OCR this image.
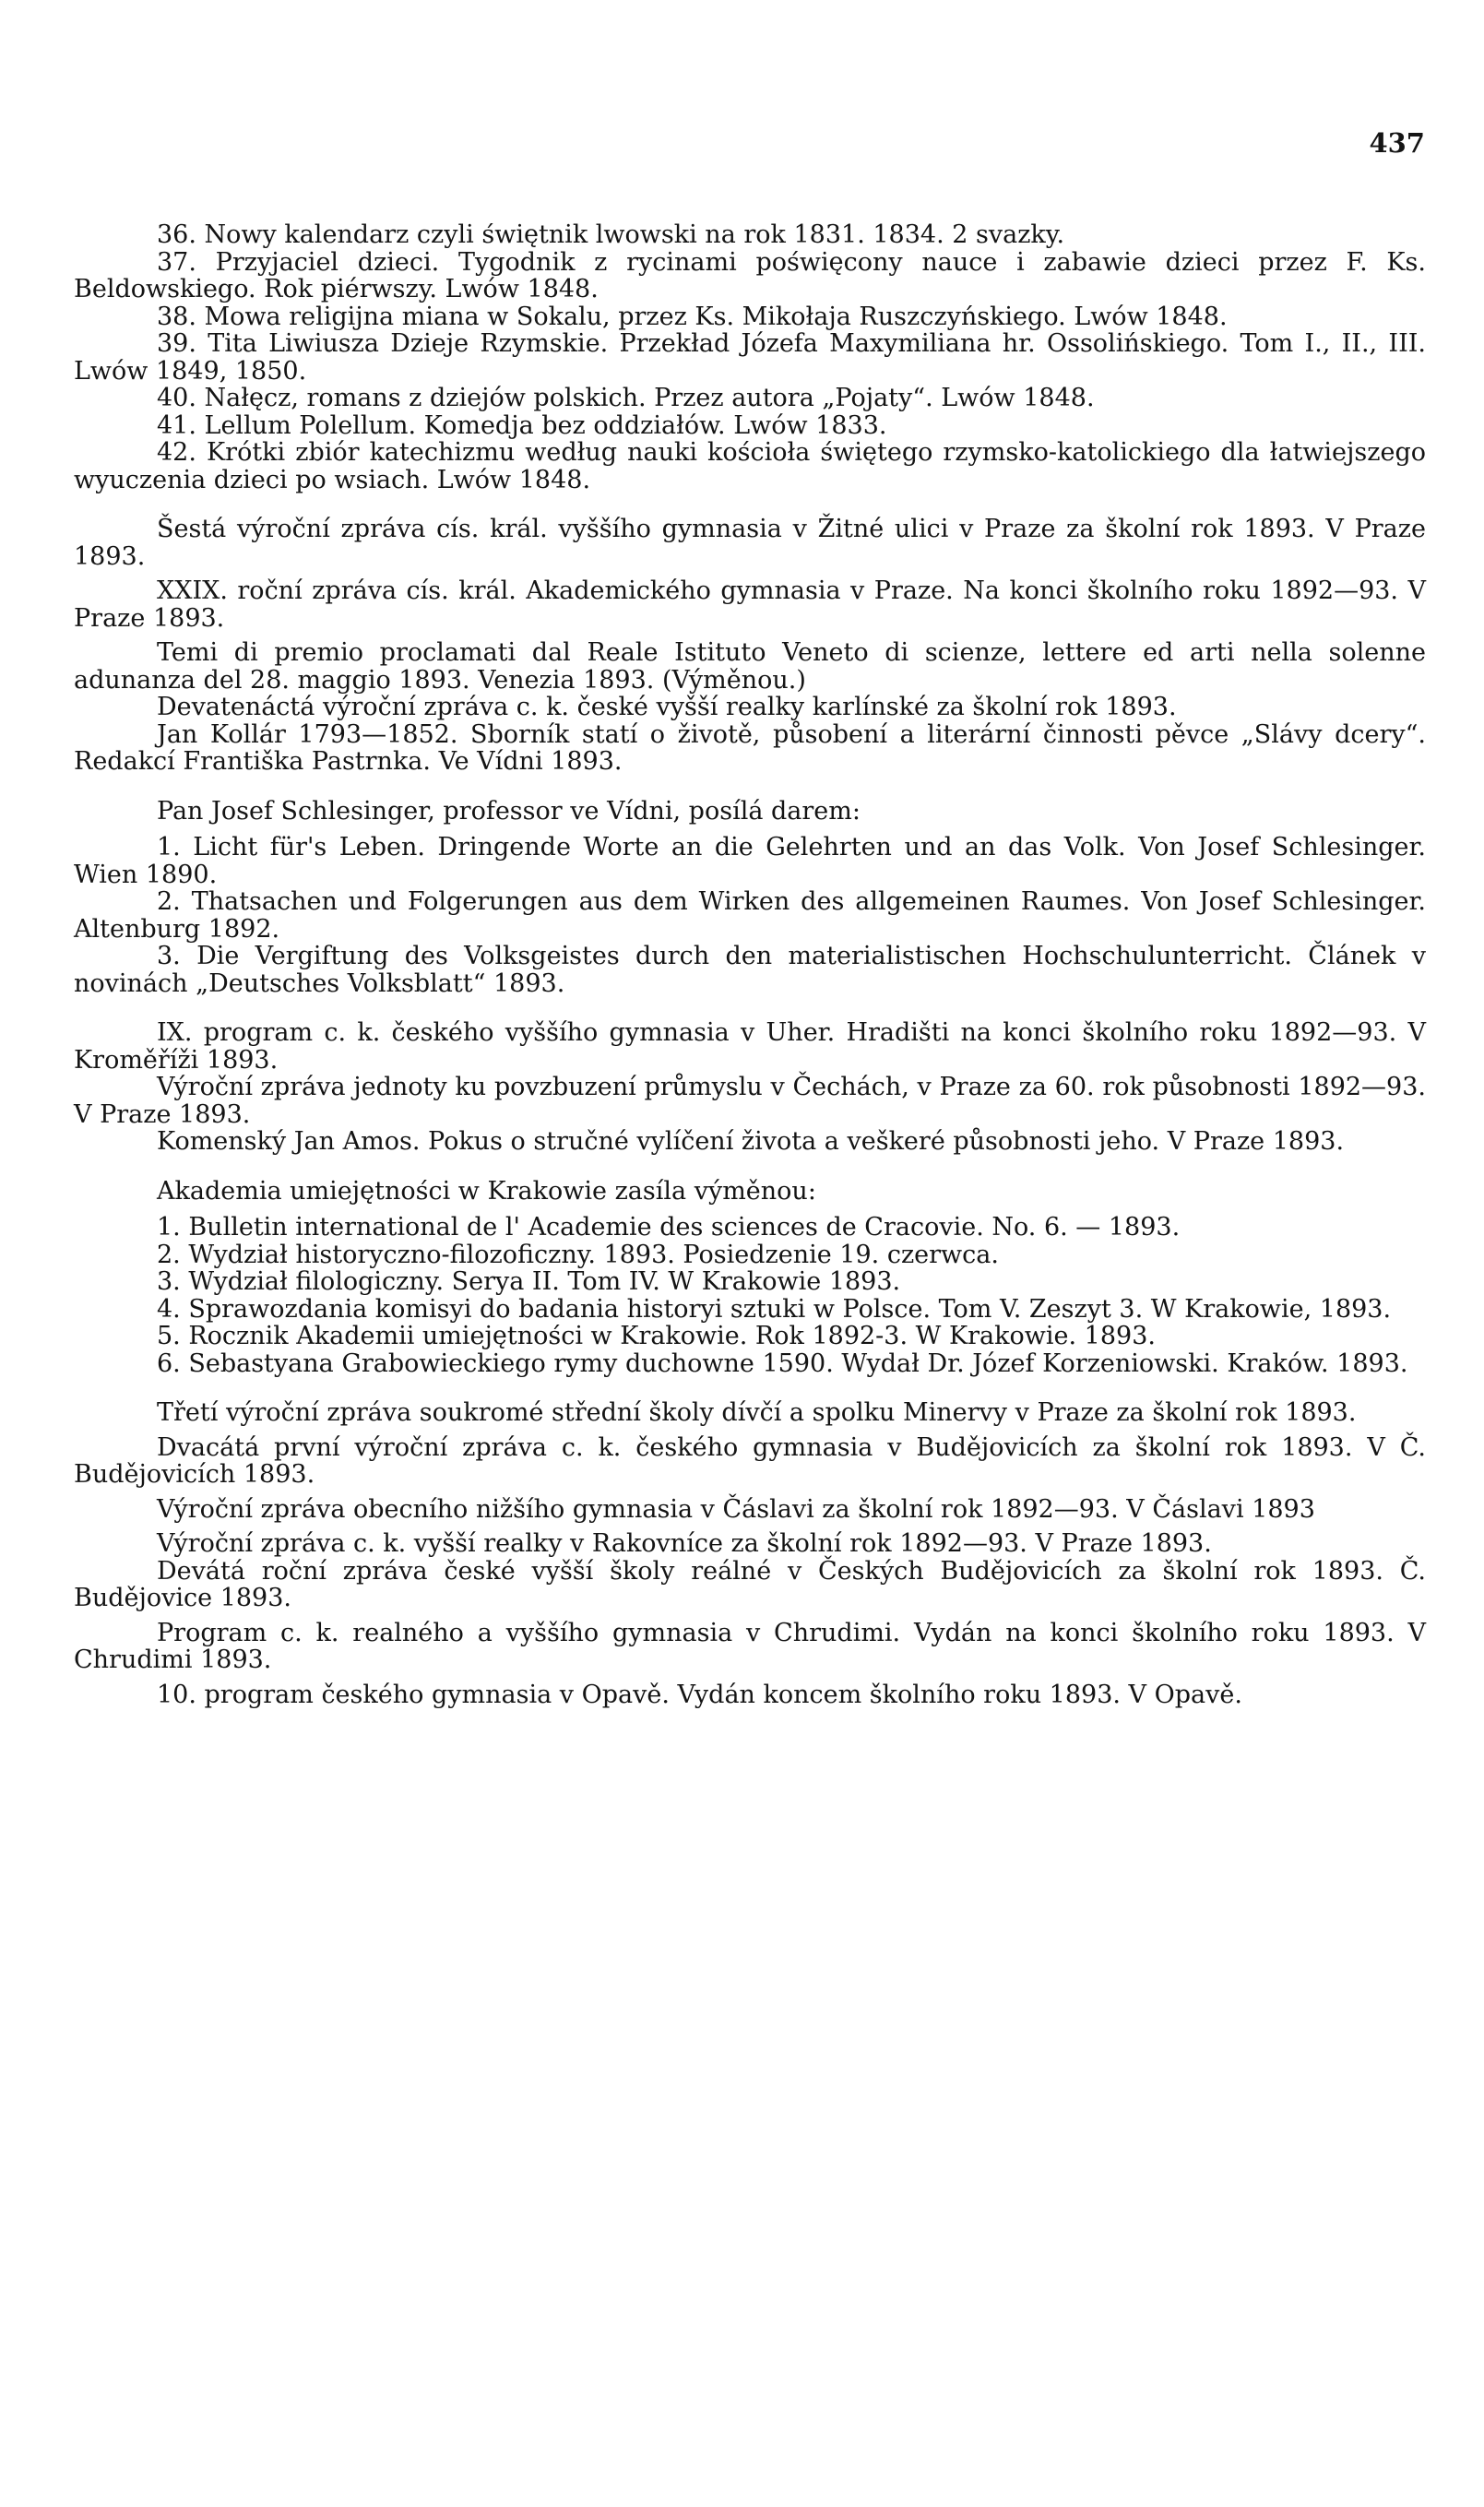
437

36. Nowy kalendarz czyli świętnik lwowski na rok 1831. 1834. 2 svazky.

37. Przyjaciel dzieci. Tygodnik z rycinami poświęcony nauce i zabawie dzieci przez F. Ks. Beldowskiego. Rok piérwszy. Lwów 1848.

38. Mowa religijna miana w Sokalu, przez Ks. Mikołaja Ruszczyńskiego. Lwów 1848.

39. Tita Liwiusza Dzieje Rzymskie. Przekład Józefa Maxymiliana hr. Ossolińskiego. Tom I., II., III. Lwów 1849, 1850.

40. Nałęcz, romans z dziejów polskich. Przez autora „Pojaty“. Lwów 1848.

41. Lellum Polellum. Komedja bez oddziałów. Lwów 1833.

42. Krótki zbiór katechizmu według nauki kościoła świętego rzymsko-katolickiego dla łatwiejszego wyuczenia dzieci po wsiach. Lwów 1848.

Šestá výroční zpráva cís. král. vyššího gymnasia v Žitné ulici v Praze za školní rok 1893. V Praze 1893.

XXIX. roční zpráva cís. král. Akademického gymnasia v Praze. Na konci školního roku 1892—93. V Praze 1893.

Temi di premio proclamati dal Reale Istituto Veneto di scienze, lettere ed arti nella solenne adunanza del 28. maggio 1893. Venezia 1893. (Výměnou.)

Devatenáctá výroční zpráva c. k. české vyšší realky karlínské za školní rok 1893.

Jan Kollár 1793—1852. Sborník statí o životě, působení a literární činnosti pěvce „Slávy dcery“. Redakcí Františka Pastrnka. Ve Vídni 1893.

Pan Josef Schlesinger, professor ve Vídni, posílá darem:

1. Licht für's Leben. Dringende Worte an die Gelehrten und an das Volk. Von Josef Schlesinger. Wien 1890.

2. Thatsachen und Folgerungen aus dem Wirken des allgemeinen Raumes. Von Josef Schlesinger. Altenburg 1892.

3. Die Vergiftung des Volksgeistes durch den materialistischen Hochschulunterricht. Článek v novinách „Deutsches Volksblatt“ 1893.

IX. program c. k. českého vyššího gymnasia v Uher. Hradišti na konci školního roku 1892—93. V Kroměříži 1893.

Výroční zpráva jednoty ku povzbuzení průmyslu v Čechách, v Praze za 60. rok působnosti 1892—93. V Praze 1893.

Komenský Jan Amos. Pokus o stručné vylíčení života a veškeré působnosti jeho. V Praze 1893.

Akademia umiejętności w Krakowie zasíla výměnou:

1. Bulletin international de l' Academie des sciences de Cracovie. No. 6. — 1893.

2. Wydział historyczno-filozoficzny. 1893. Posiedzenie 19. czerwca.

3. Wydział filologiczny. Serya II. Tom IV. W Krakowie 1893.

4. Sprawozdania komisyi do badania historyi sztuki w Polsce. Tom V. Zeszyt 3. W Krakowie, 1893.

5. Rocznik Akademii umiejętności w Krakowie. Rok 1892-3. W Krakowie. 1893.

6. Sebastyana Grabowieckiego rymy duchowne 1590. Wydał Dr. Józef Korzeniowski. Kraków. 1893.

Třetí výroční zpráva soukromé střední školy dívčí a spolku Minervy v Praze za školní rok 1893.

Dvacátá první výroční zpráva c. k. českého gymnasia v Budějovicích za školní rok 1893. V Č. Budějovicích 1893.

Výroční zpráva obecního nižšího gymnasia v Čáslavi za školní rok 1892—93. V Čáslavi 1893

Výroční zpráva c. k. vyšší realky v Rakovníce za školní rok 1892—93. V Praze 1893.

Devátá roční zpráva české vyšší školy reálné v Českých Budějovicích za školní rok 1893. Č. Budějovice 1893.

Program c. k. realného a vyššího gymnasia v Chrudimi. Vydán na konci školního roku 1893. V Chrudimi 1893.

10. program českého gymnasia v Opavě. Vydán koncem školního roku 1893. V Opavě.
